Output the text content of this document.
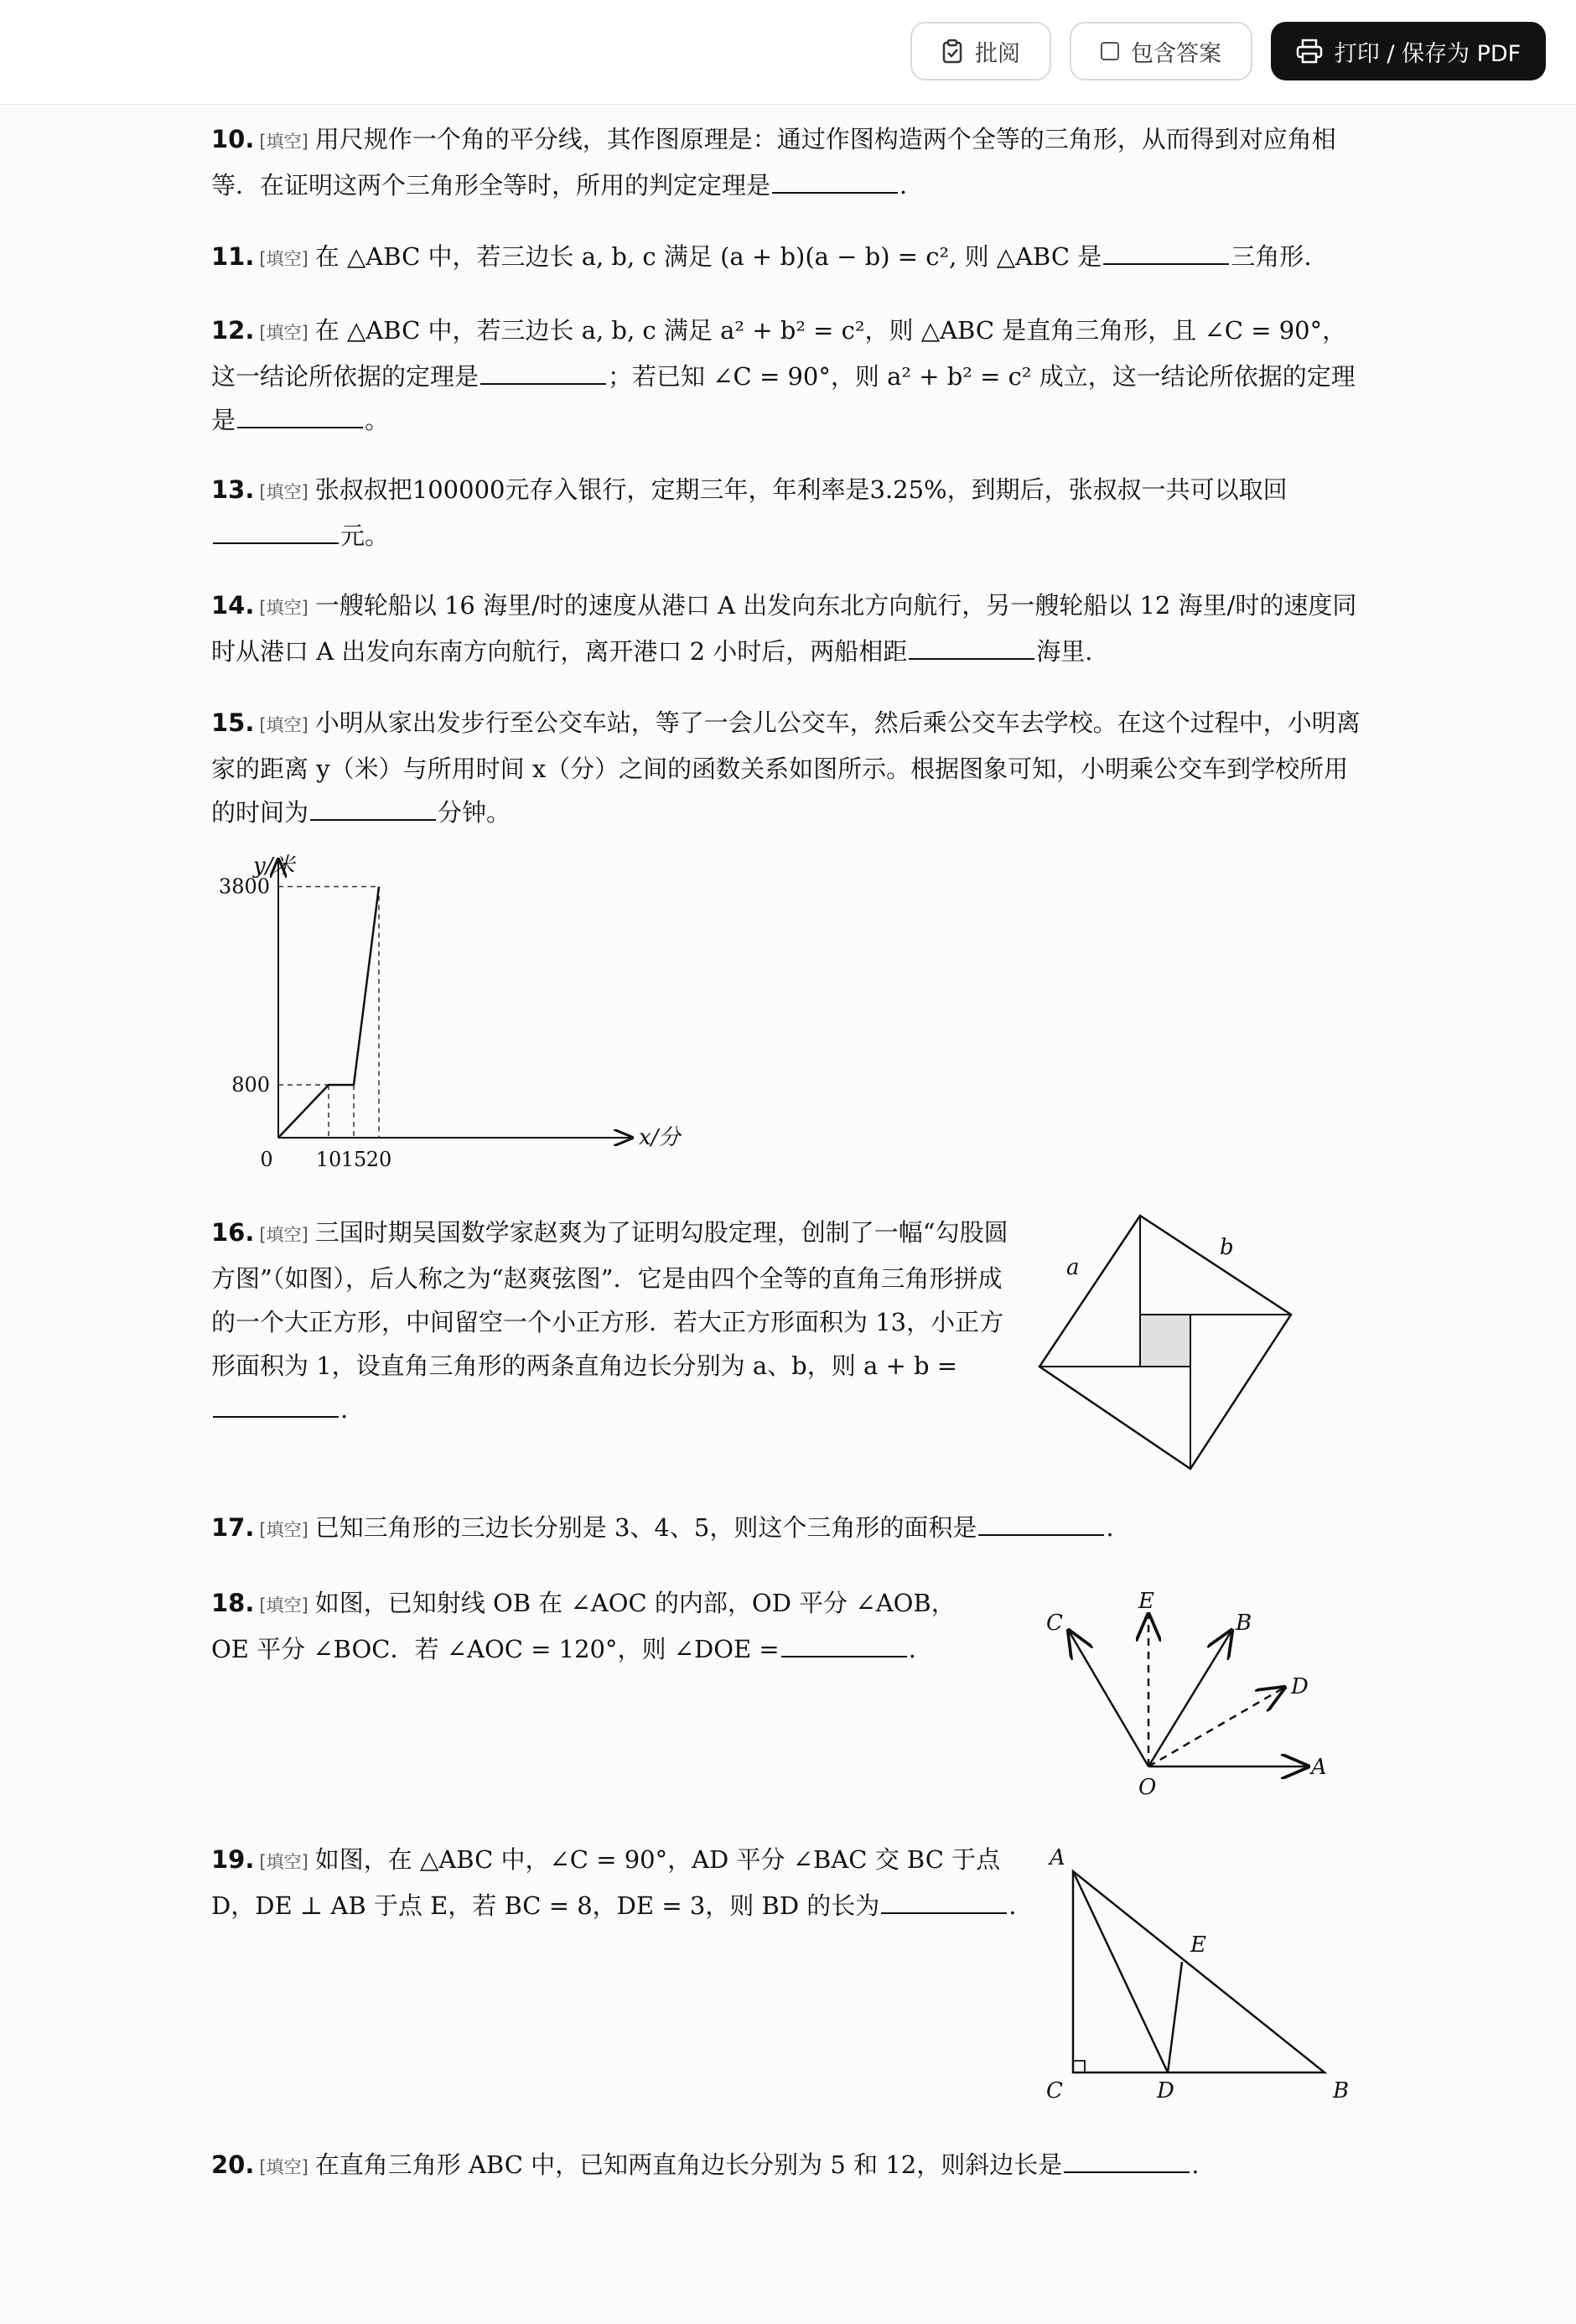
批阅	包含答案	打印 / 保存为 PDF
10. [填空] 用尺规作一个角的平分线，其作图原理是：通过作图构造两个全等的三角形，从而得到对应角相等．在证明这两个三角形全等时，所用的判定定理是	．
11. [填空] 在 △ABC 中，若三边长 a, b, c 满足 (a + b)(a − b) = c², 则 △ABC 是	三角形.
12. [填空] 在 △ABC 中，若三边长 a, b, c 满足 a² + b² = c²，则 △ABC 是直角三角形，且 ∠C = 90°，这一结论所依据的定理是	；若已知 ∠C = 90°，则 a² + b² = c² 成立，这一结论所依据的定理是	。
13. [填空] 张叔叔把100000元存入银行，定期三年，年利率是3.25%，到期后，张叔叔一共可以取回元。
14. [填空] 一艘轮船以 16 海里/时的速度从港口 A 出发向东北方向航行，另一艘轮船以 12 海里/时的速度同时从港口 A 出发向东南方向航行，离开港口 2 小时后，两船相距	海里.
15. [填空] 小明从家出发步行至公交车站，等了一会儿公交车，然后乘公交车去学校。在这个过程中，小明离家的距离 y（米）与所用时间 x（分）之间的函数关系如图所示。根据图象可知，小明乘公交车到学校所用的时间为	分钟。
y/米
x/分
800
3800
0 10 15 20
16. [填空] 三国时期吴国数学家赵爽为了证明勾股定理，创制了一幅“勾股圆方图”（如图），后人称之为“赵爽弦图”．它是由四个全等的直角三角形拼成的一个大正方形，中间留空一个小正方形．若大正方形面积为 13，小正方形面积为 1，设直角三角形的两条直角边长分别为 a、b，则 a + b =.
a
b
17. [填空] 已知三角形的三边长分别是 3、4、5，则这个三角形的面积是	.
18. [填空] 如图，已知射线 OB 在 ∠AOC 的内部，OD 平分 ∠AOB，OE 平分 ∠BOC．若 ∠AOC = 120°，则 ∠DOE =	.
C
E
B
D
O
A
19. [填空] 如图，在 △ABC 中，∠C = 90°，AD 平分 ∠BAC 交 BC 于点 D，DE ⊥ AB 于点 E，若 BC = 8，DE = 3，则 BD 的长为	.
A
E
C	D	B
20. [填空] 在直角三角形 ABC 中，已知两直角边长分别为 5 和 12，则斜边长是	.
